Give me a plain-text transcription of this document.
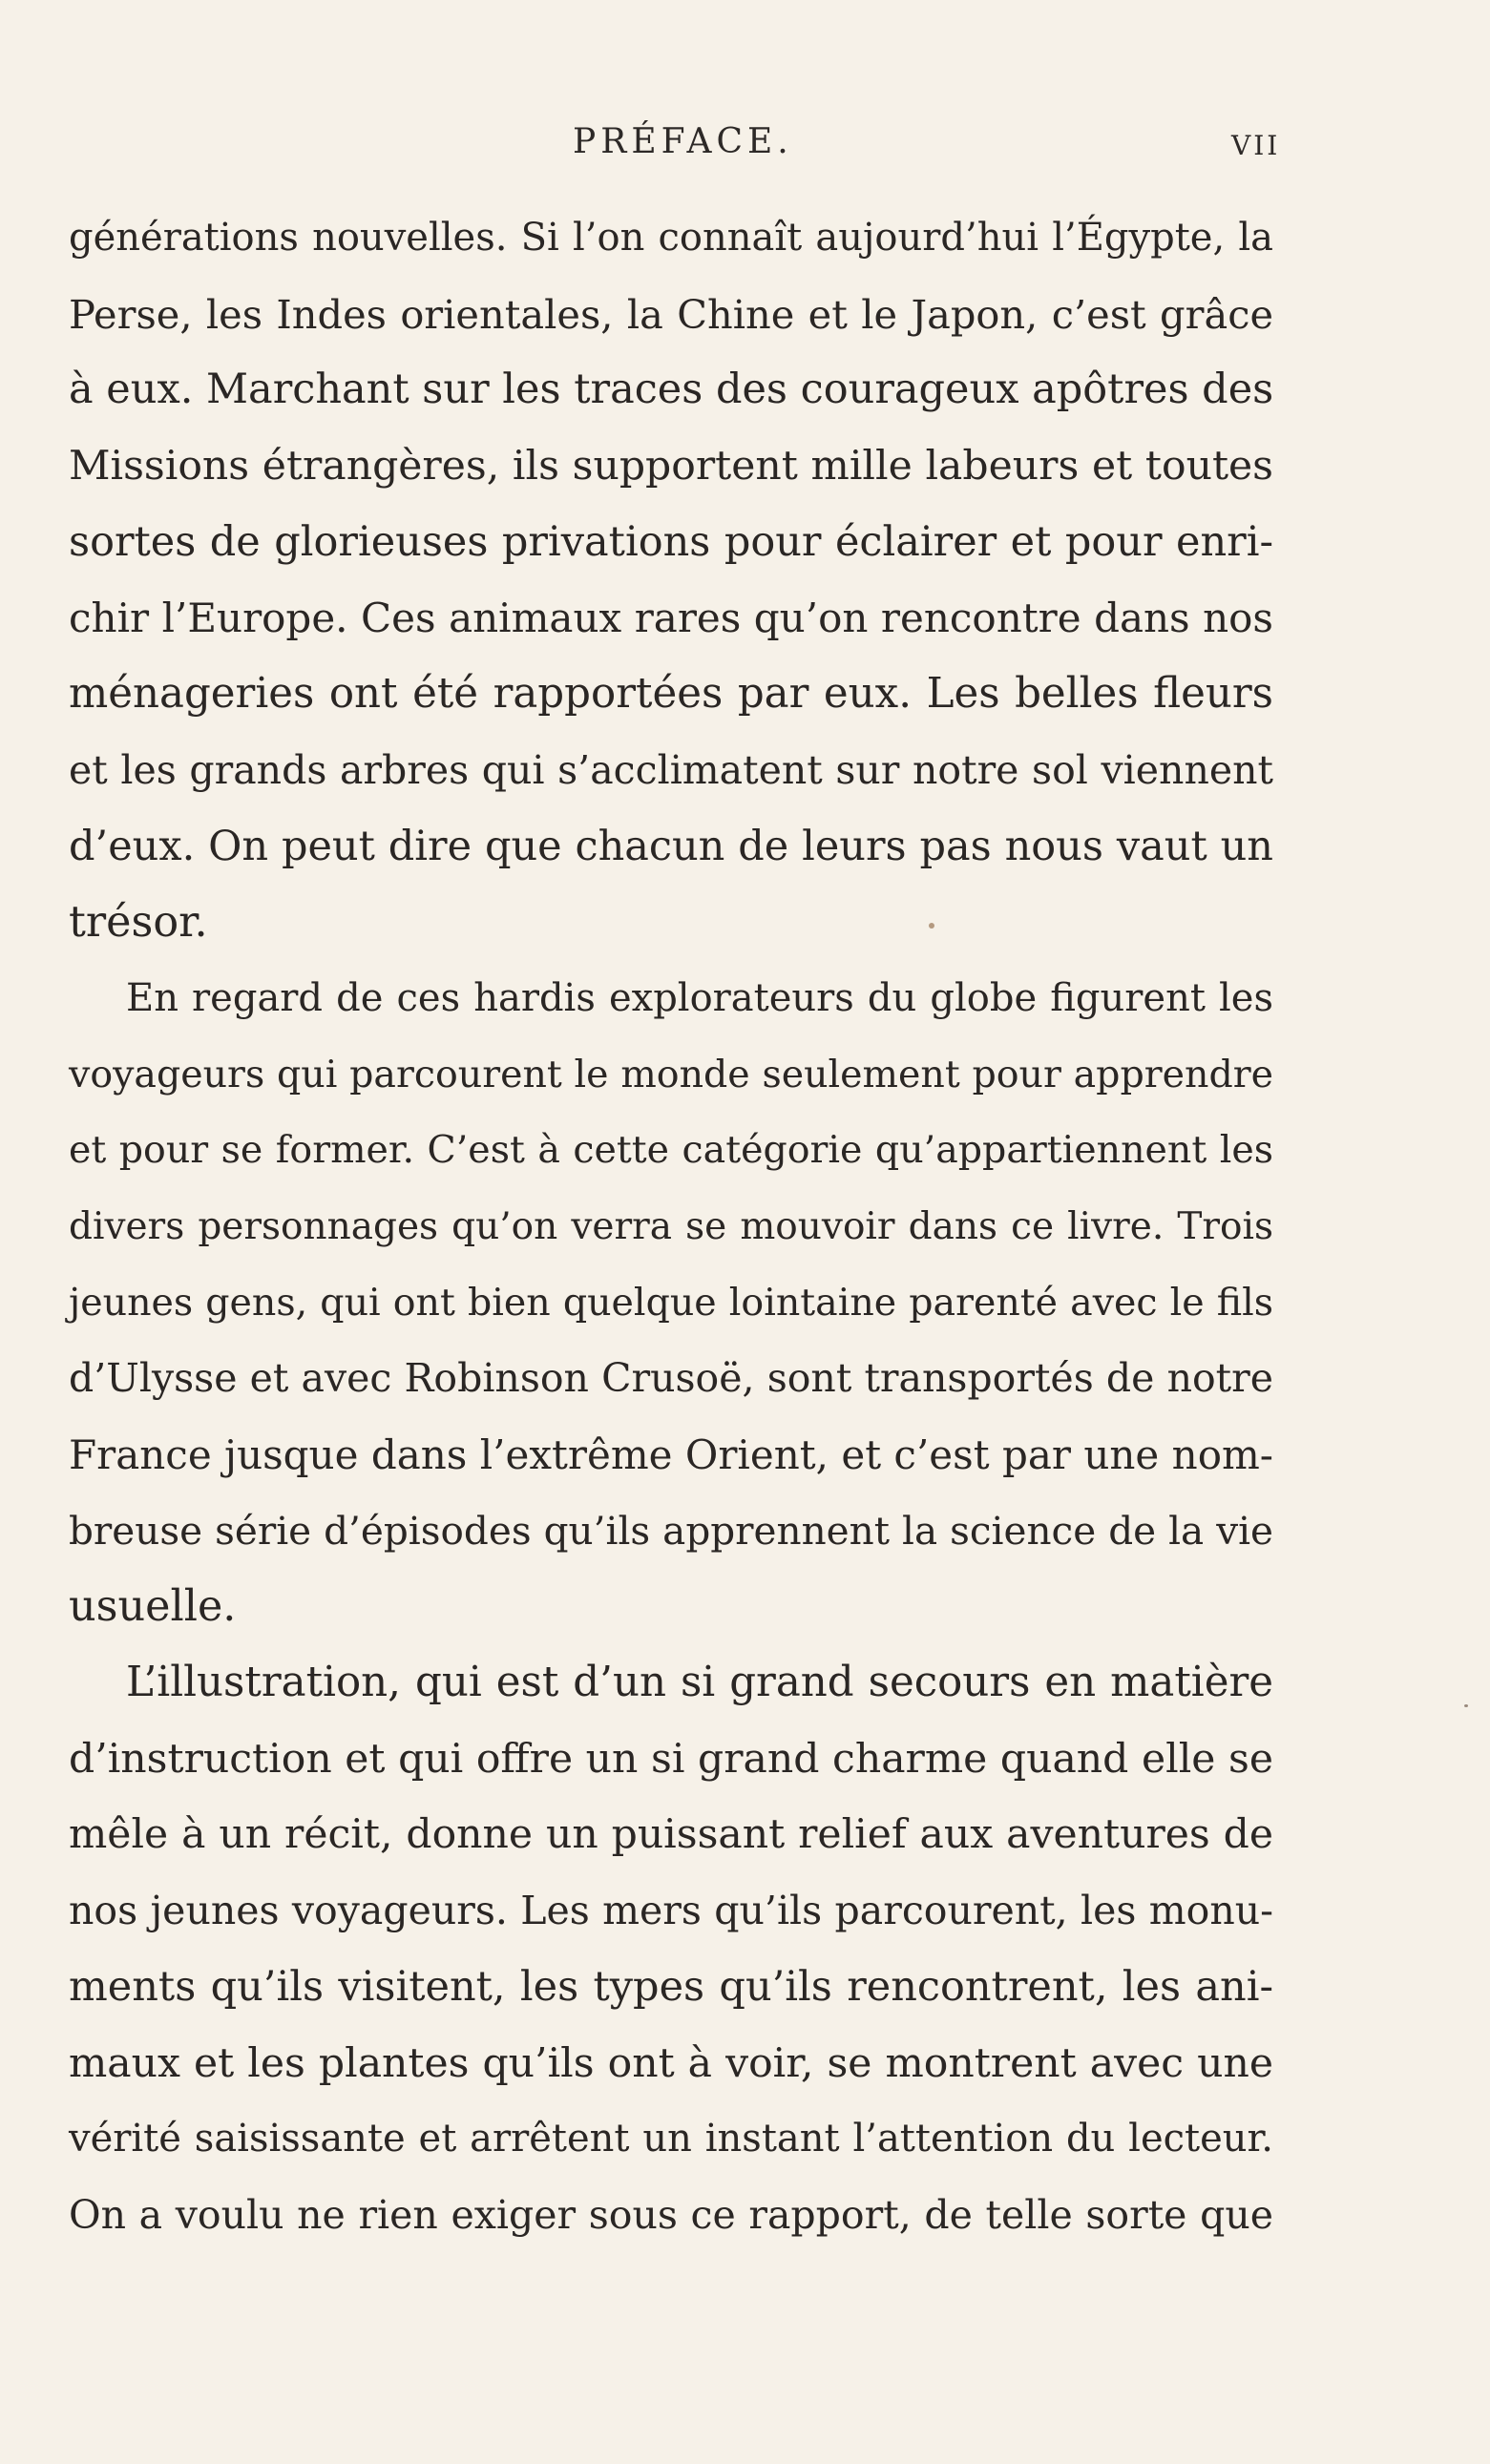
PRÉFACE.	VII
générations nouvelles. Si l’on connaît aujourd’hui l’Égypte, la
Perse, les Indes orientales, la Chine et le Japon, c’est grâce
à eux. Marchant sur les traces des courageux apôtres des
Missions étrangères, ils supportent mille labeurs et toutes
sortes de glorieuses privations pour éclairer et pour enri-
chir l’Europe. Ces animaux rares qu’on rencontre dans nos
ménageries ont été rapportées par eux. Les belles fleurs
et les grands arbres qui s’acclimatent sur notre sol viennent
d’eux. On peut dire que chacun de leurs pas nous vaut un
trésor.
En regard de ces hardis explorateurs du globe figurent les
voyageurs qui parcourent le monde seulement pour apprendre
et pour se former. C’est à cette catégorie qu’appartiennent les
divers personnages qu’on verra se mouvoir dans ce livre. Trois
jeunes gens, qui ont bien quelque lointaine parenté avec le fils
d’Ulysse et avec Robinson Crusoë, sont transportés de notre
France jusque dans l’extrême Orient, et c’est par une nom-
breuse série d’épisodes qu’ils apprennent la science de la vie
usuelle.
L’illustration, qui est d’un si grand secours en matière
d’instruction et qui offre un si grand charme quand elle se
mêle à un récit, donne un puissant relief aux aventures de
nos jeunes voyageurs. Les mers qu’ils parcourent, les monu-
ments qu’ils visitent, les types qu’ils rencontrent, les ani-
maux et les plantes qu’ils ont à voir, se montrent avec une
vérité saisissante et arrêtent un instant l’attention du lecteur.
On a voulu ne rien exiger sous ce rapport, de telle sorte que
